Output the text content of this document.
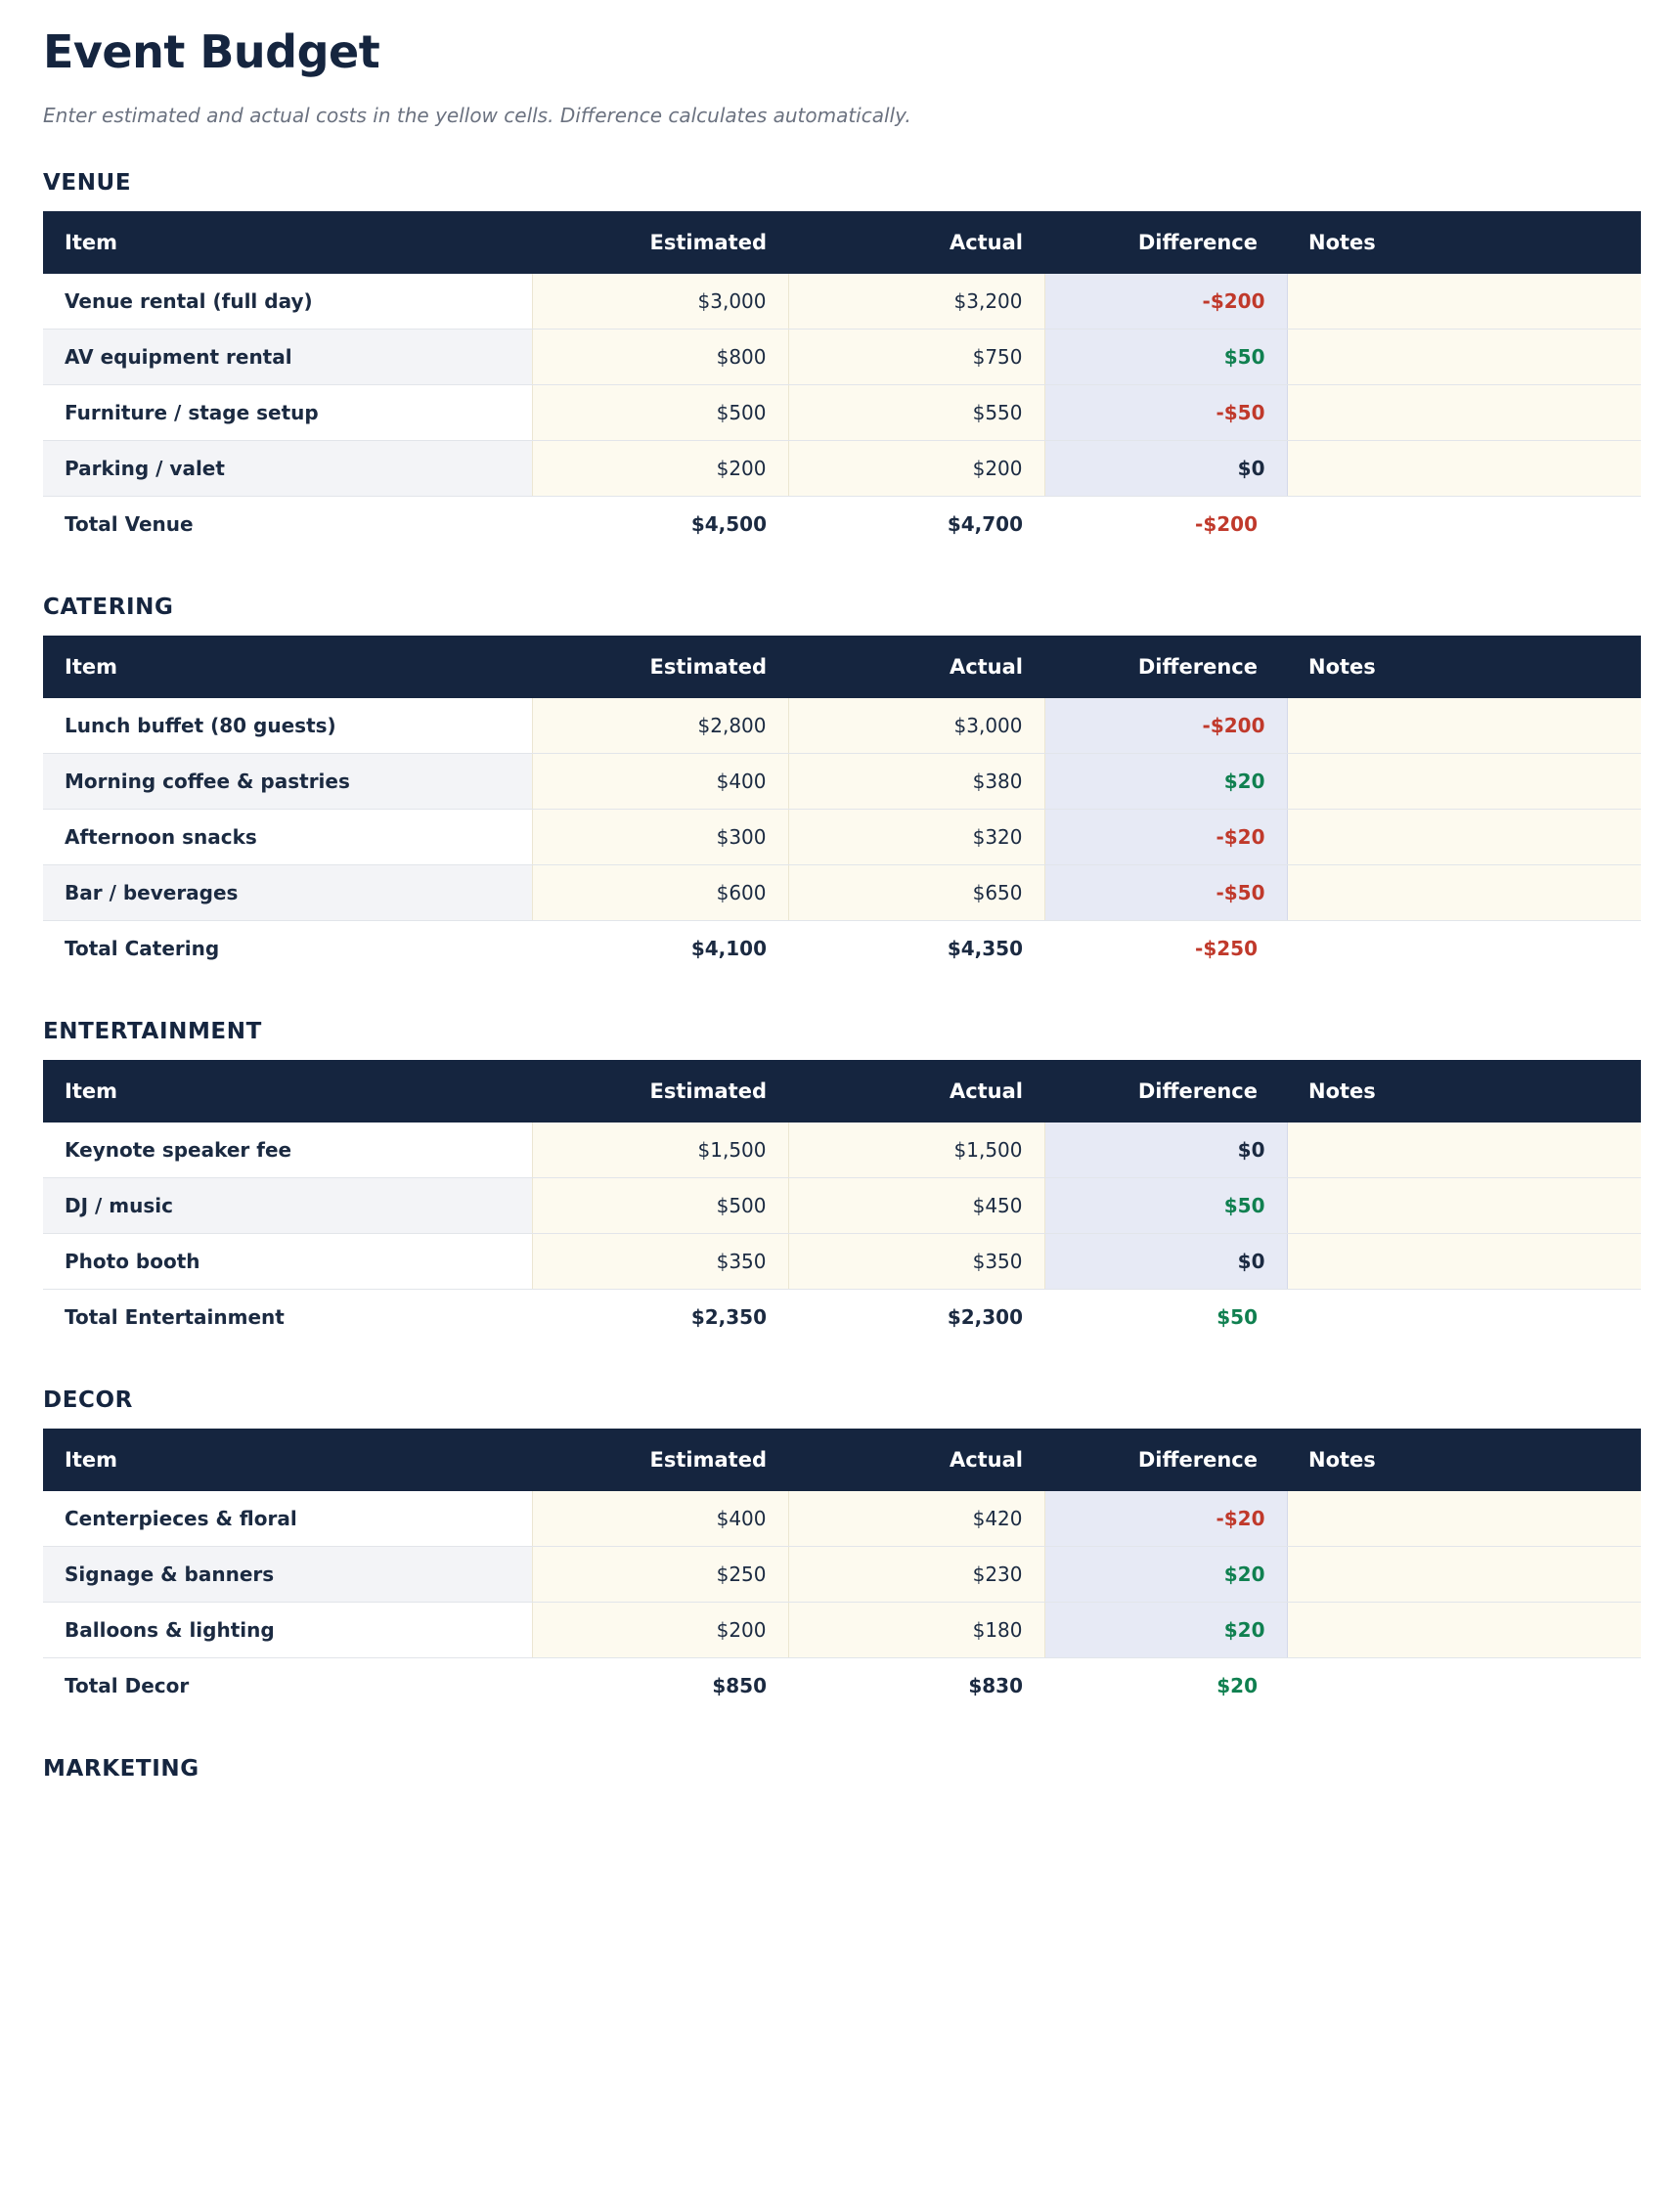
Event Budget

Enter estimated and actual costs in the yellow cells. Difference calculates automatically.

VENUE
Item	Estimated	Actual	Difference	Notes
Venue rental (full day)	$3,000	$3,200	-$200	
AV equipment rental	$800	$750	$50	
Furniture / stage setup	$500	$550	-$50	
Parking / valet	$200	$200	$0	
Total Venue	$4,500	$4,700	-$200	
CATERING
Item	Estimated	Actual	Difference	Notes
Lunch buffet (80 guests)	$2,800	$3,000	-$200	
Morning coffee & pastries	$400	$380	$20	
Afternoon snacks	$300	$320	-$20	
Bar / beverages	$600	$650	-$50	
Total Catering	$4,100	$4,350	-$250	
ENTERTAINMENT
Item	Estimated	Actual	Difference	Notes
Keynote speaker fee	$1,500	$1,500	$0	
DJ / music	$500	$450	$50	
Photo booth	$350	$350	$0	
Total Entertainment	$2,350	$2,300	$50	
DECOR
Item	Estimated	Actual	Difference	Notes
Centerpieces & floral	$400	$420	-$20	
Signage & banners	$250	$230	$20	
Balloons & lighting	$200	$180	$20	
Total Decor	$850	$830	$20	
MARKETING
